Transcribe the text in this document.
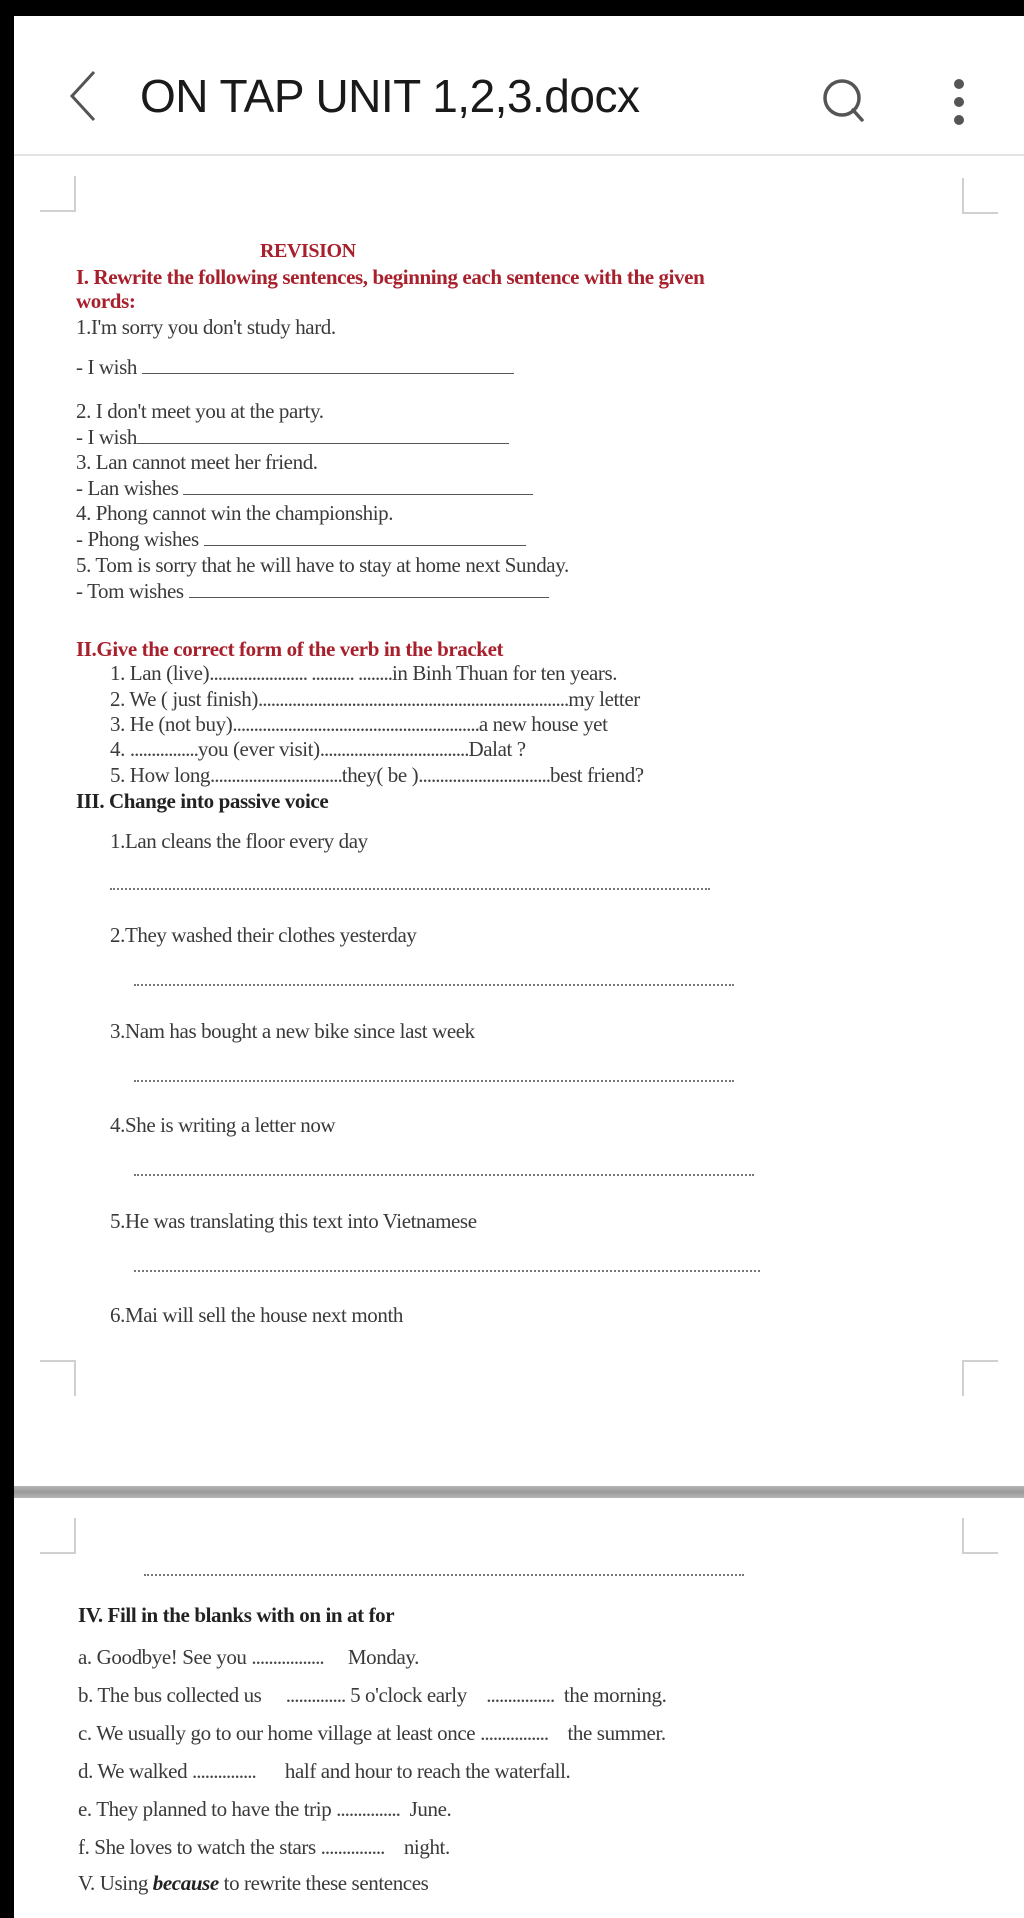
ON TAP UNIT 1,2,3.docx
REVISION
I. Rewrite the following sentences, beginning each sentence with the given
words:
1.I'm sorry you don't study hard.
- I wish
2. I don't meet you at the party.
- I wish
3. Lan cannot meet her friend.
- Lan wishes
4. Phong cannot win the championship.
- Phong wishes
5. Tom is sorry that he will have to stay at home next Sunday.
- Tom wishes
II.Give the correct form of the verb in the bracket
1. Lan (live)....................... .......... ........in Binh Thuan for ten years.
2. We ( just finish).........................................................................my letter
3. He (not buy)..........................................................a new house yet
4. ................you (ever visit)...................................Dalat ?
5. How long...............................they( be )...............................best friend?
III. Change into passive voice
1.Lan cleans the floor every day
2.They washed their clothes yesterday
3.Nam has bought a new bike since last week
4.She is writing a letter now
5.He was translating this text into Vietnamese
6.Mai will sell the house next month
IV. Fill in the blanks with on in at for
a. Goodbye! See you ................. Monday.
b. The bus collected us .............. 5 o'clock early ................ the morning.
c. We usually go to our home village at least once ................ the summer.
d. We walked ............... half and hour to reach the waterfall.
e. They planned to have the trip ............... June.
f. She loves to watch the stars ............... night.
V. Using because to rewrite these sentences
